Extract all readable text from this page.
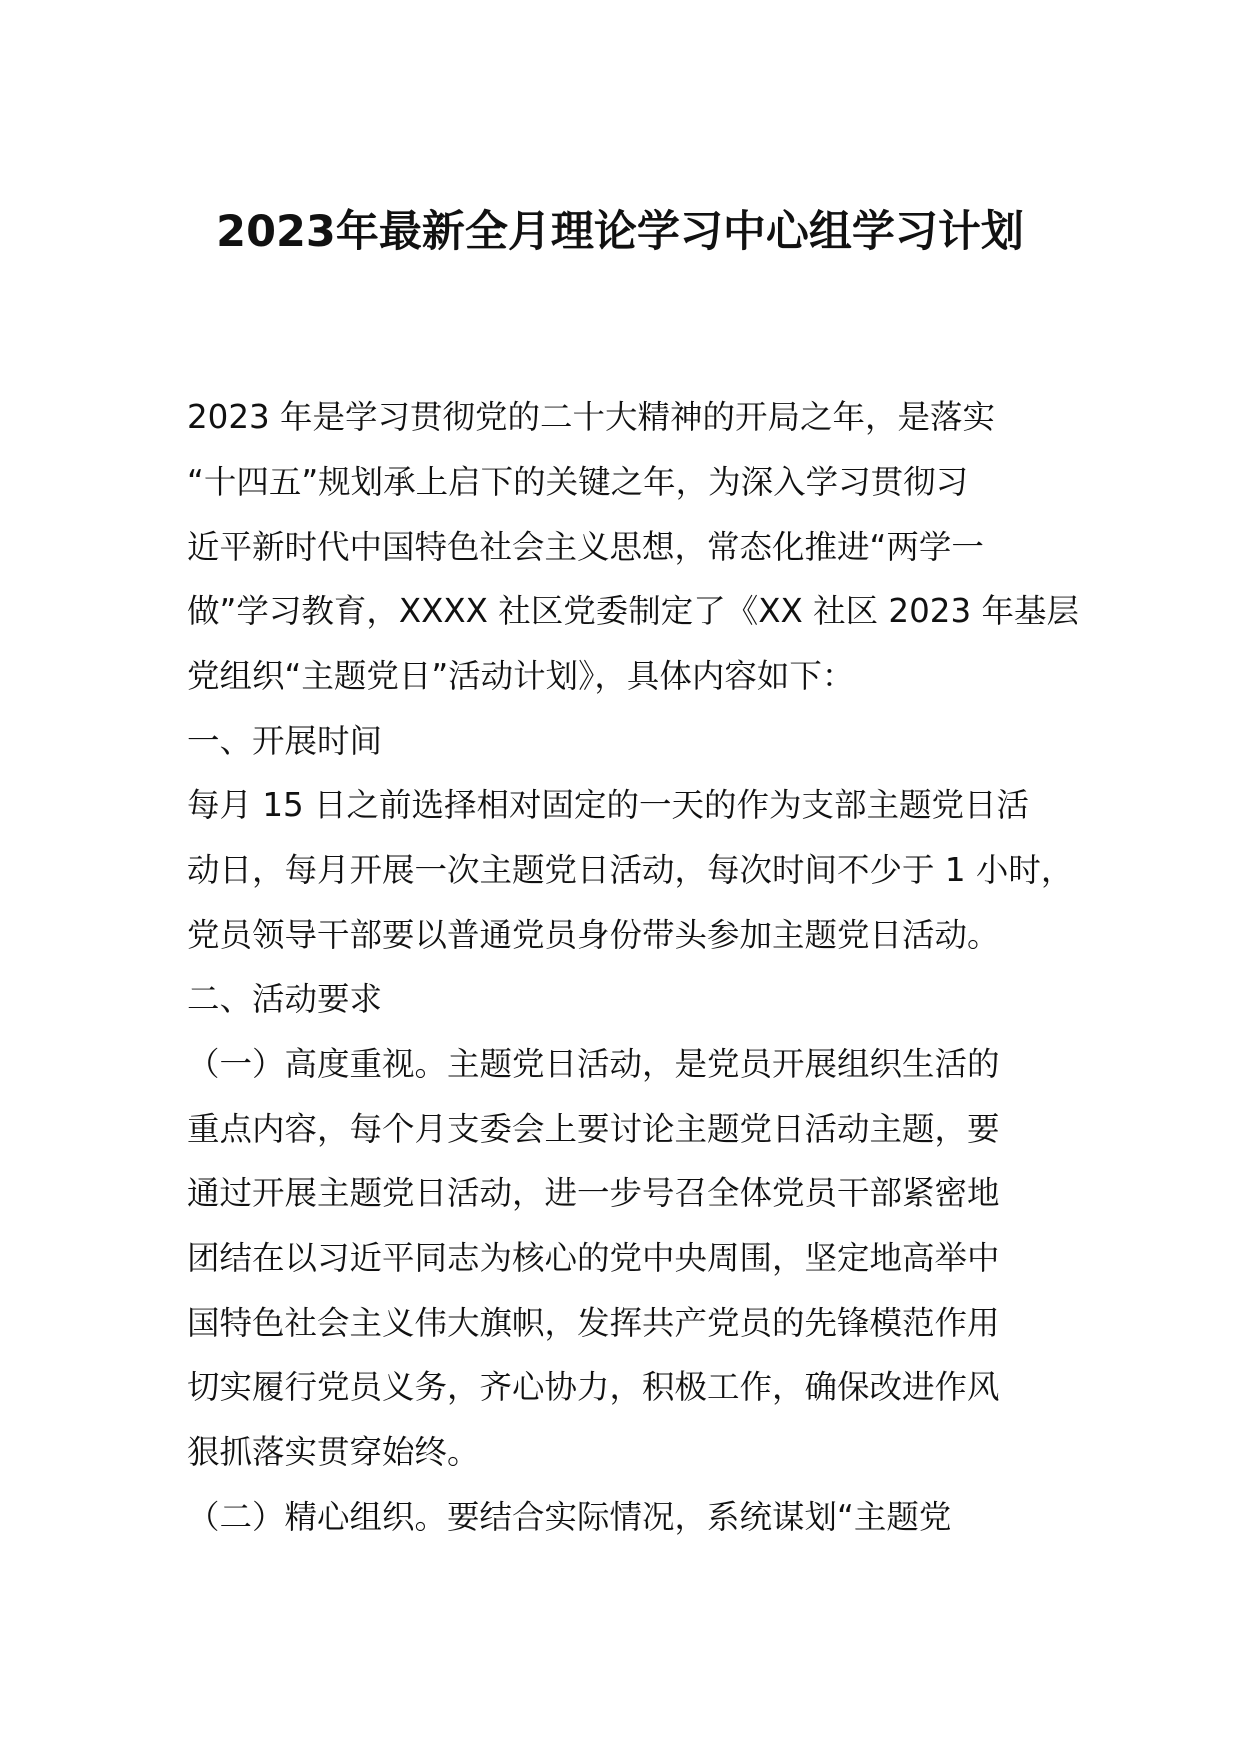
2023年最新全月理论学习中心组学习计划
2023 年是学习贯彻党的二十大精神的开局之年，是落实
“十四五”规划承上启下的关键之年，为深入学习贯彻习
近平新时代中国特色社会主义思想，常态化推进“两学一
做”学习教育，XXXX 社区党委制定了《XX 社区 2023 年基层
党组织“主题党日”活动计划》，具体内容如下：
一、开展时间
每月 15 日之前选择相对固定的一天的作为支部主题党日活
动日，每月开展一次主题党日活动，每次时间不少于 1 小时，
党员领导干部要以普通党员身份带头参加主题党日活动。
二、活动要求
（一）高度重视。主题党日活动，是党员开展组织生活的
重点内容，每个月支委会上要讨论主题党日活动主题，要
通过开展主题党日活动，进一步号召全体党员干部紧密地
团结在以习近平同志为核心的党中央周围，坚定地高举中
国特色社会主义伟大旗帜，发挥共产党员的先锋模范作用
切实履行党员义务，齐心协力，积极工作，确保改进作风
狠抓落实贯穿始终。
（二）精心组织。要结合实际情况，系统谋划“主题党
